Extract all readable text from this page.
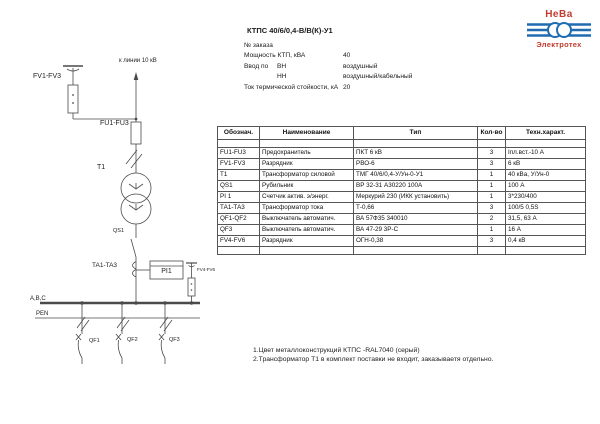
к линии 10 кВ
FV1-FV3
FU1-FU3
T1
QS1
TA1-TA3
PI1	FV4-FV6
A,B,C
PEN
QF1	QF2	QF3
КТПС 40/6/0,4-В/В(К)-У1
№ заказа
Мощность КТП, кВА	40
Ввод по ВН	воздушный
НН	воздушный/кабельный
Ток термической стойкости, кА 20
НеВа
Электротех
Обознач.	Наименование	Тип	Кол-во	Техн.характ.

FU1-FU3	Предохранитель	ПКТ 6 кВ	3	Iпл.вст.-10 А
FV1-FV3	Разрядник	РВО-6	3	6 кВ
Т1	Трансформатор силовой	ТМГ 40/6/0,4-У/Ун-0-У1	1	40 кВа, У/Ун-0
QS1	Рубильник	ВР 32-31 А30220 100А	1	100 А
PI 1	Счетчик актив. э/энерг.	Меркурий 230 (ИКК установить)	1	3*230/400
ТА1-ТА3	Трансформатор тока	Т-0,66	3	100/5 0,5S
QF1-QF2	Выключатель автоматич.	ВА 57Ф35 340010	2	31,5, 63 А
QF3	Выключатель автоматич.	ВА 47-29 3Р-С	1	16 А
FV4-FV6	Разрядник	ОГН-0,38	3	0,4 кВ

1.Цвет металлоконструкций КТПС -RAL7040 (серый)
2.Трансформатор Т1 в комплект поставки не входит, заказываетя отдельно.
